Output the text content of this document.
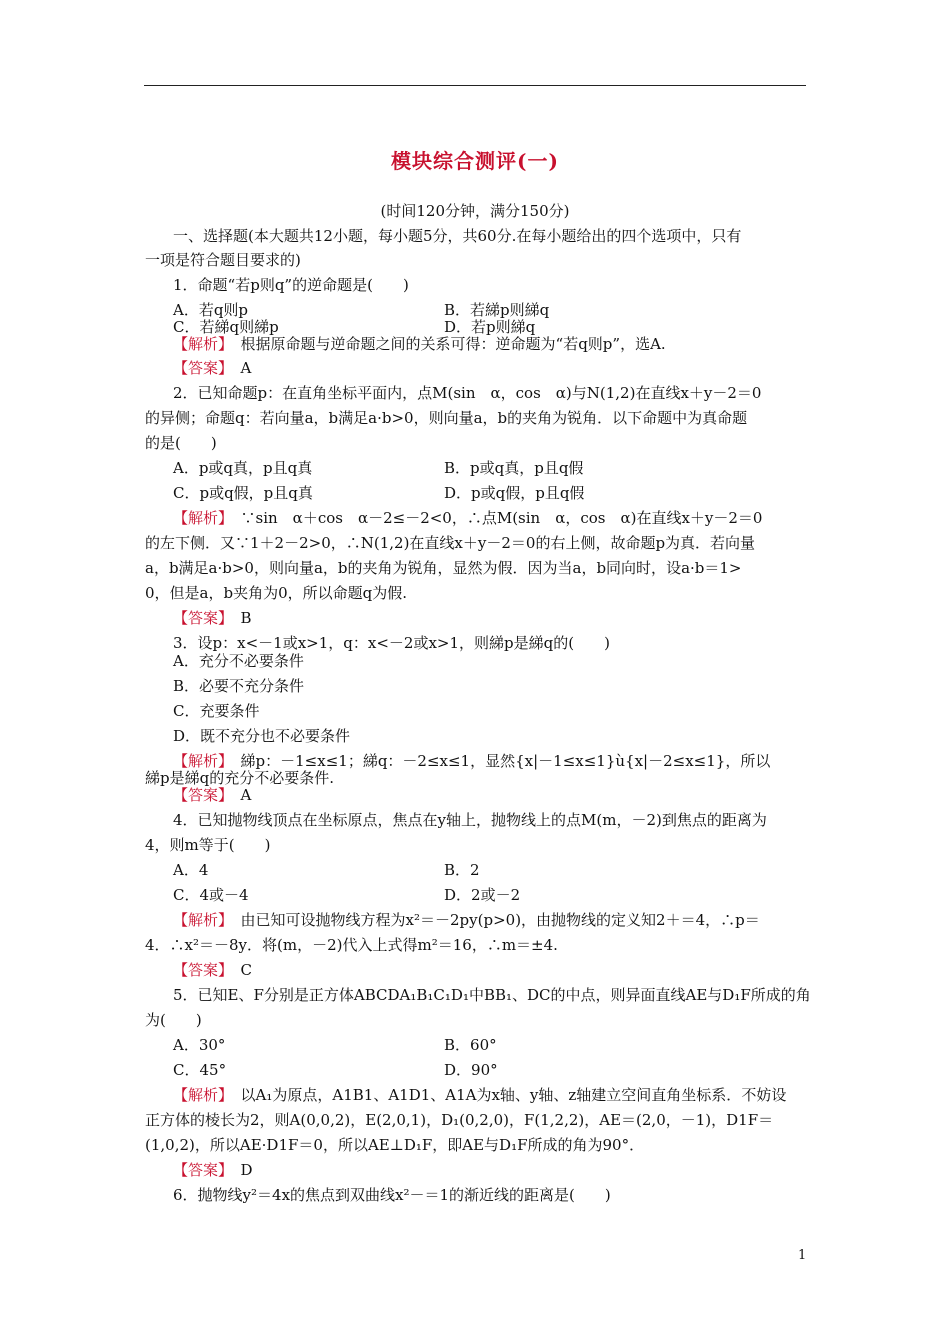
模块综合测评(一)
(时间120分钟，满分150分)
一、选择题(本大题共12小题，每小题5分，共60分.在每小题给出的四个选项中，只有
一项是符合题目要求的)
1．命题“若p则q”的逆命题是(　　)
A．若q则p	B．若綈p则綈q
C．若綈q则綈p	D．若p则綈q
【解析】　 根据原命题与逆命题之间的关系可得：逆命题为“若q则p”，选A.
【答案】　 A
2．已知命题p：在直角坐标平面内，点M(sin　α，cos　α)与N(1,2)在直线x＋y－2＝0
的异侧；命题q：若向量a，b满足a·b>0，则向量a，b的夹角为锐角．以下命题中为真命题
的是(　　)
A．p或q真，p且q真	B．p或q真，p且q假
C．p或q假，p且q真	D．p或q假，p且q假
【解析】　 ∵sin　α＋cos　α－2≤－2<0，∴点M(sin　α，cos　α)在直线x＋y－2＝0
的左下侧．又∵1＋2－2>0，∴N(1,2)在直线x＋y－2＝0的右上侧，故命题p为真．若向量
a，b满足a·b>0，则向量a，b的夹角为锐角，显然为假．因为当a，b同向时，设a·b＝1>
0，但是a，b夹角为0，所以命题q为假.
【答案】　 B
3．设p：x<－1或x>1，q：x<－2或x>1，则綈p是綈q的(　　)
A．充分不必要条件
B．必要不充分条件
C．充要条件
D．既不充分也不必要条件
【解析】　 綈p：－1≤x≤1；綈q：－2≤x≤1，显然{x|－1≤x≤1}ù{x|－2≤x≤1}，所以
綈p是綈q的充分不必要条件.
【答案】　 A
4．已知抛物线顶点在坐标原点，焦点在y轴上，抛物线上的点M(m，－2)到焦点的距离为
4，则m等于(　　)
A．4	B．2
C．4或－4	D．2或－2
【解析】　 由已知可设抛物线方程为x²＝－2py(p>0)，由抛物线的定义知2＋＝4，∴p＝
4．∴x²＝－8y．将(m，－2)代入上式得m²＝16，∴m＝±4.
【答案】　 C
5．已知E、F分别是正方体ABCDA₁B₁C₁D₁中BB₁、DC的中点，则异面直线AE与D₁F所成的角
为(　　)
A．30°	B．60°
C．45°	D．90°
【解析】　 以A₁为原点，A1B1、A1D1、A1A为x轴、y轴、z轴建立空间直角坐标系．不妨设
正方体的棱长为2，则A(0,0,2)，E(2,0,1)，D₁(0,2,0)，F(1,2,2)，AE＝(2,0，－1)，D1F＝
(1,0,2)，所以AE·D1F＝0，所以AE⊥D₁F，即AE与D₁F所成的角为90°．
【答案】　 D
6．抛物线y²＝4x的焦点到双曲线x²－＝1的渐近线的距离是(　　)
1
